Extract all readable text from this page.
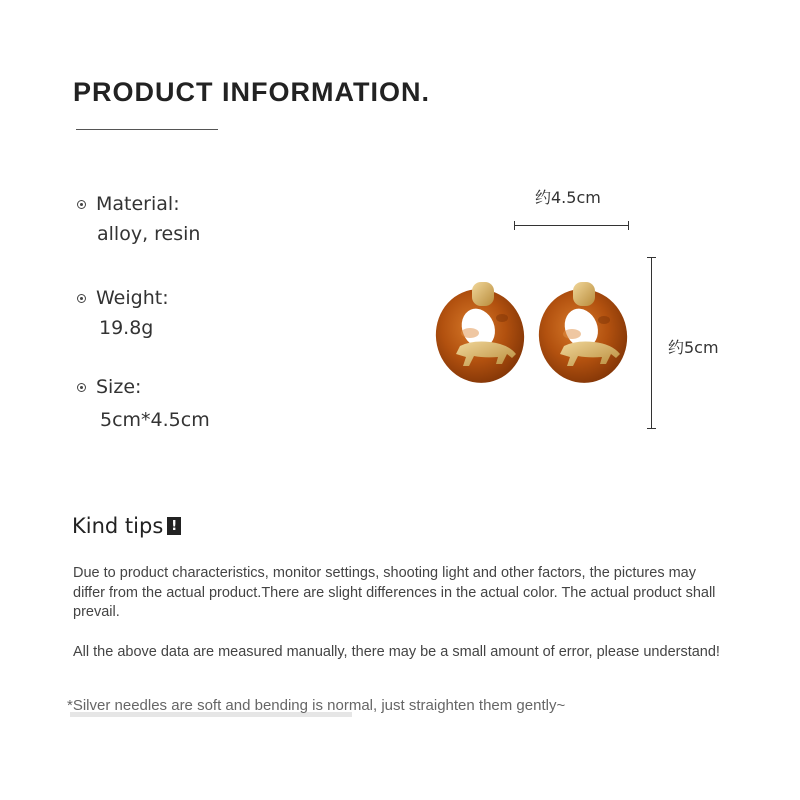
PRODUCT INFORMATION.
Material:
alloy, resin
Weight:
19.8g
Size:
5cm*4.5cm
约4.5cm
约5cm
Kind tips !
Due to product characteristics, monitor settings, shooting light and other factors, the pictures may differ from the actual product.There are slight differences in the actual color. The actual product shall prevail.
All the above data are measured manually, there may be a small amount of error, please understand!
*Silver needles are soft and bending is normal, just straighten them gently~
